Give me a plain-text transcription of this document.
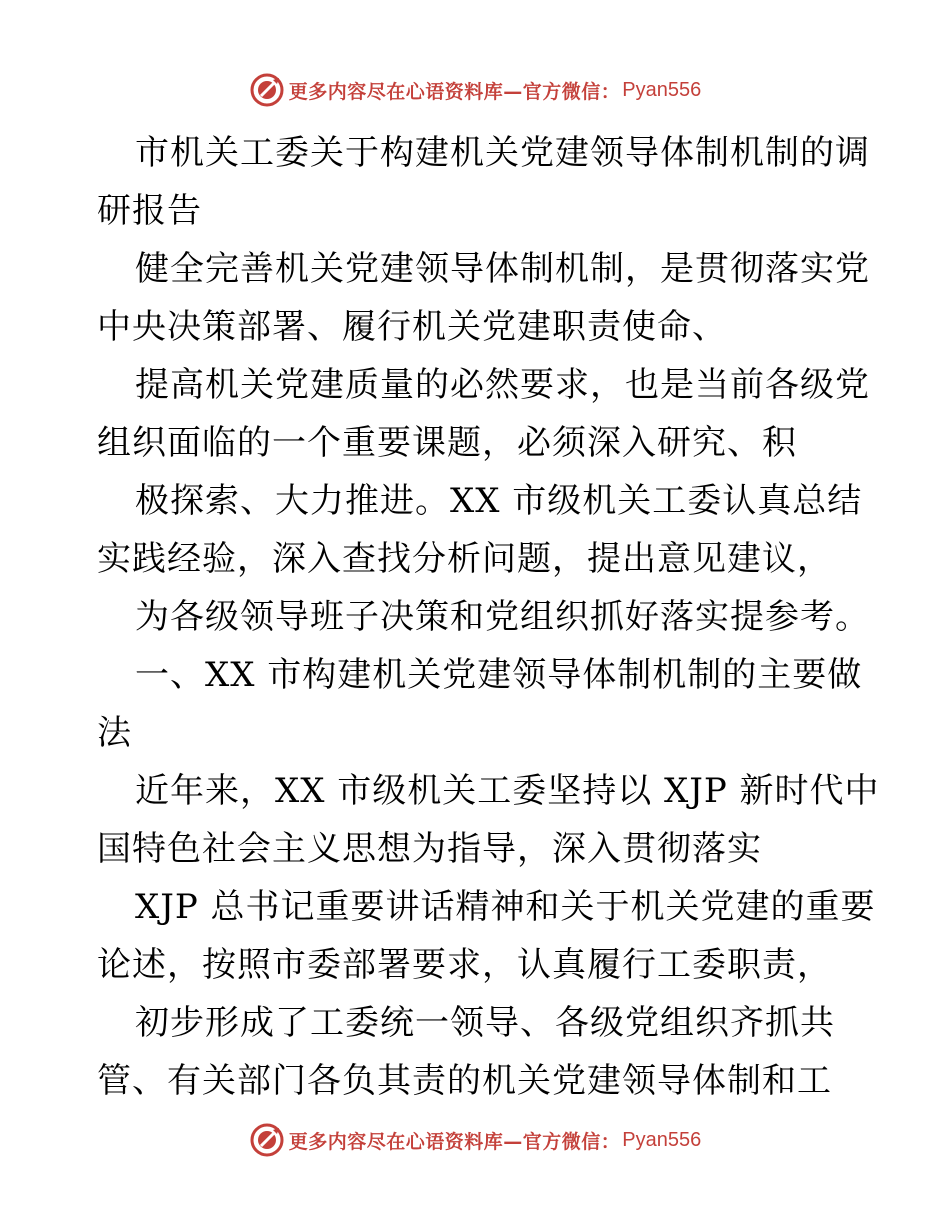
更多内容尽在心语资料库—官方微信： Pyan556
市机关工委关于构建机关党建领导体制机制的调
研报告
健全完善机关党建领导体制机制，是贯彻落实党
中央决策部署、履行机关党建职责使命、
提高机关党建质量的必然要求，也是当前各级党
组织面临的一个重要课题，必须深入研究、积
极探索、大力推进。XX 市级机关工委认真总结
实践经验，深入查找分析问题，提出意见建议，
为各级领导班子决策和党组织抓好落实提参考。
一、XX 市构建机关党建领导体制机制的主要做
法
近年来，XX 市级机关工委坚持以 XJP 新时代中
国特色社会主义思想为指导，深入贯彻落实
XJP 总书记重要讲话精神和关于机关党建的重要
论述，按照市委部署要求，认真履行工委职责，
初步形成了工委统一领导、各级党组织齐抓共
管、有关部门各负其责的机关党建领导体制和工
更多内容尽在心语资料库—官方微信： Pyan556
